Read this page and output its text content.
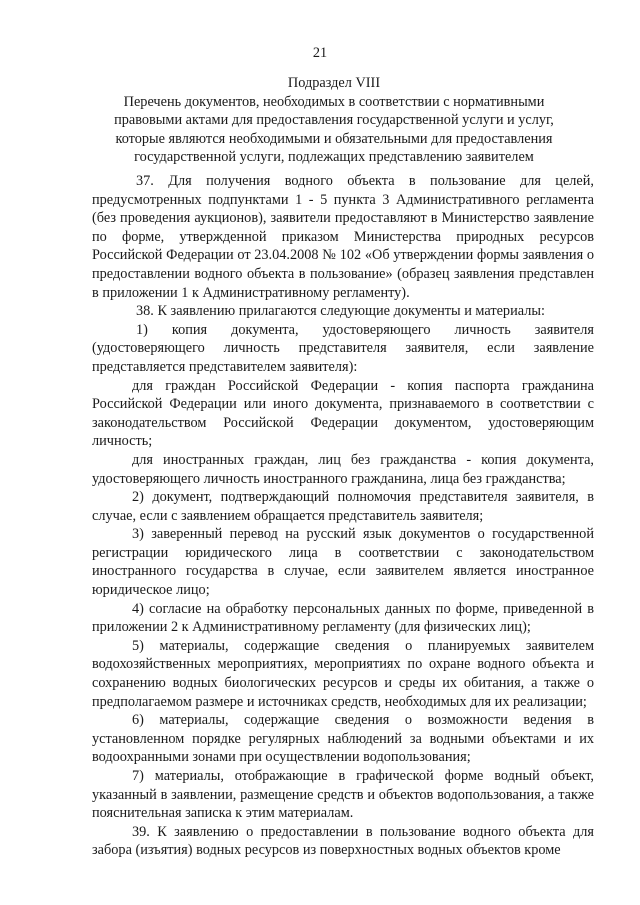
21
Подраздел VIII
Перечень документов, необходимых в соответствии с нормативными
правовыми актами для предоставления государственной услуги и услуг,
которые являются необходимыми и обязательными для предоставления
государственной услуги, подлежащих представлению заявителем

37. Для получения водного объекта в пользование для целей, предусмотренных подпунктами 1 - 5 пункта 3 Административного регламента (без проведения аукционов), заявители предоставляют в Министерство заявление по форме, утвержденной приказом Министерства природных ресурсов Российской Федерации от 23.04.2008 № 102 «Об утверждении формы заявления о предоставлении водного объекта в пользование» (образец заявления представлен в приложении 1 к Административному регламенту).

38. К заявлению прилагаются следующие документы и материалы:

1) копия документа, удостоверяющего личность заявителя (удостоверяющего личность представителя заявителя, если заявление представляется представителем заявителя):

для граждан Российской Федерации - копия паспорта гражданина Российской Федерации или иного документа, признаваемого в соответствии с законодательством Российской Федерации документом, удостоверяющим личность;

для иностранных граждан, лиц без гражданства - копия документа, удостоверяющего личность иностранного гражданина, лица без гражданства;

2) документ, подтверждающий полномочия представителя заявителя, в случае, если с заявлением обращается представитель заявителя;

3) заверенный перевод на русский язык документов о государственной регистрации юридического лица в соответствии с законодательством иностранного государства в случае, если заявителем является иностранное юридическое лицо;

4) согласие на обработку персональных данных по форме, приведенной в приложении 2 к Административному регламенту (для физических лиц);

5) материалы, содержащие сведения о планируемых заявителем водохозяйственных мероприятиях, мероприятиях по охране водного объекта и сохранению водных биологических ресурсов и среды их обитания, а также о предполагаемом размере и источниках средств, необходимых для их реализации;

6) материалы, содержащие сведения о возможности ведения в установленном порядке регулярных наблюдений за водными объектами и их водоохранными зонами при осуществлении водопользования;

7) материалы, отображающие в графической форме водный объект, указанный в заявлении, размещение средств и объектов водопользования, а также пояснительная записка к этим материалам.

39. К заявлению о предоставлении в пользование водного объекта для забора (изъятия) водных ресурсов из поверхностных водных объектов кроме
